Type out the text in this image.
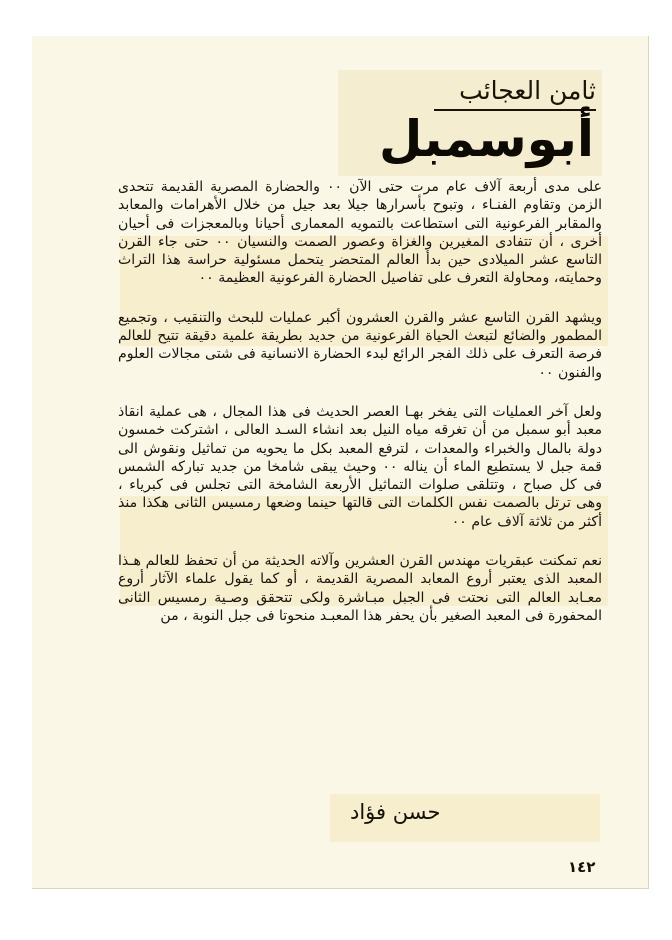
ثامن العجائب
أبوسمبل

على مدى أربعة آلاف عام مرت حتى الآن ٠٠ والحضارة المصرية القديمة تتحدى الزمن وتقاوم الفنـاء ، وتبوح بأسرارها جيلا بعد جيل من خلال الأهرامات والمعابد والمقابر الفرعونية التى استطاعت بالتمويه المعمارى أحيانا وبالمعجزات فى أحيان أخرى ، أن تتفادى المغيرين والغزاة وعصور الصمت والنسيان ٠٠ حتى جاء القرن التاسع عشر الميلادى حين بدأ العالم المتحضر يتحمل مسئولية حراسة هذا التراث وحمايته، ومحاولة التعرف على تفاصيل الحضارة الفرعونية العظيمة ٠٠

ويشهد القرن التاسع عشر والقرن العشرون أكبر عمليات للبحث والتنقيب ، وتجميع المطمور والضائع لتبعث الحياة الفرعونية من جديد بطريقة علمية دقيقة تتيح للعالم فرصة التعرف على ذلك الفجر الرائع لبدء الحضارة الانسانية فى شتى مجالات العلوم والفنون ٠٠

ولعل آخر العمليات التى يفخر بهـا العصر الحديث فى هذا المجال ، هى عملية انقاذ معبد أبو سمبل من أن تغرقه مياه النيل بعد انشاء السـد العالى ، اشتركت خمسون دولة بالمال والخبراء والمعدات ، لترفع المعبد بكل ما يحويه من تماثيل ونقوش الى قمة جبل لا يستطيع الماء أن يناله ٠٠ وحيث يبقى شامخا من جديد تباركه الشمس فى كل صباح ، وتتلقى صلوات التماثيل الأربعة الشامخة التى تجلس فى كبرياء ، وهى ترتل بالصمت نفس الكلمات التى قالتها حينما وضعها رمسيس الثانى هكذا منذ أكثر من ثلاثة آلاف عام ٠٠

نعم تمكنت عبقريات مهندس القرن العشرين وآلاته الحديثة من أن تحفظ للعالم هـذا المعبد الذى يعتبر أروع المعابد المصرية القديمة ، أو كما يقول علماء الآثار أروع معـابد العالم التى نحتت فى الجبل مبـاشرة ولكى تتحقق وصـية رمسيس الثانى المحفورة فى المعبد الصغير بأن يحفر هذا المعبـد منحوتا فى جبل النوبة ، من

حسن فؤاد
١٤٢
